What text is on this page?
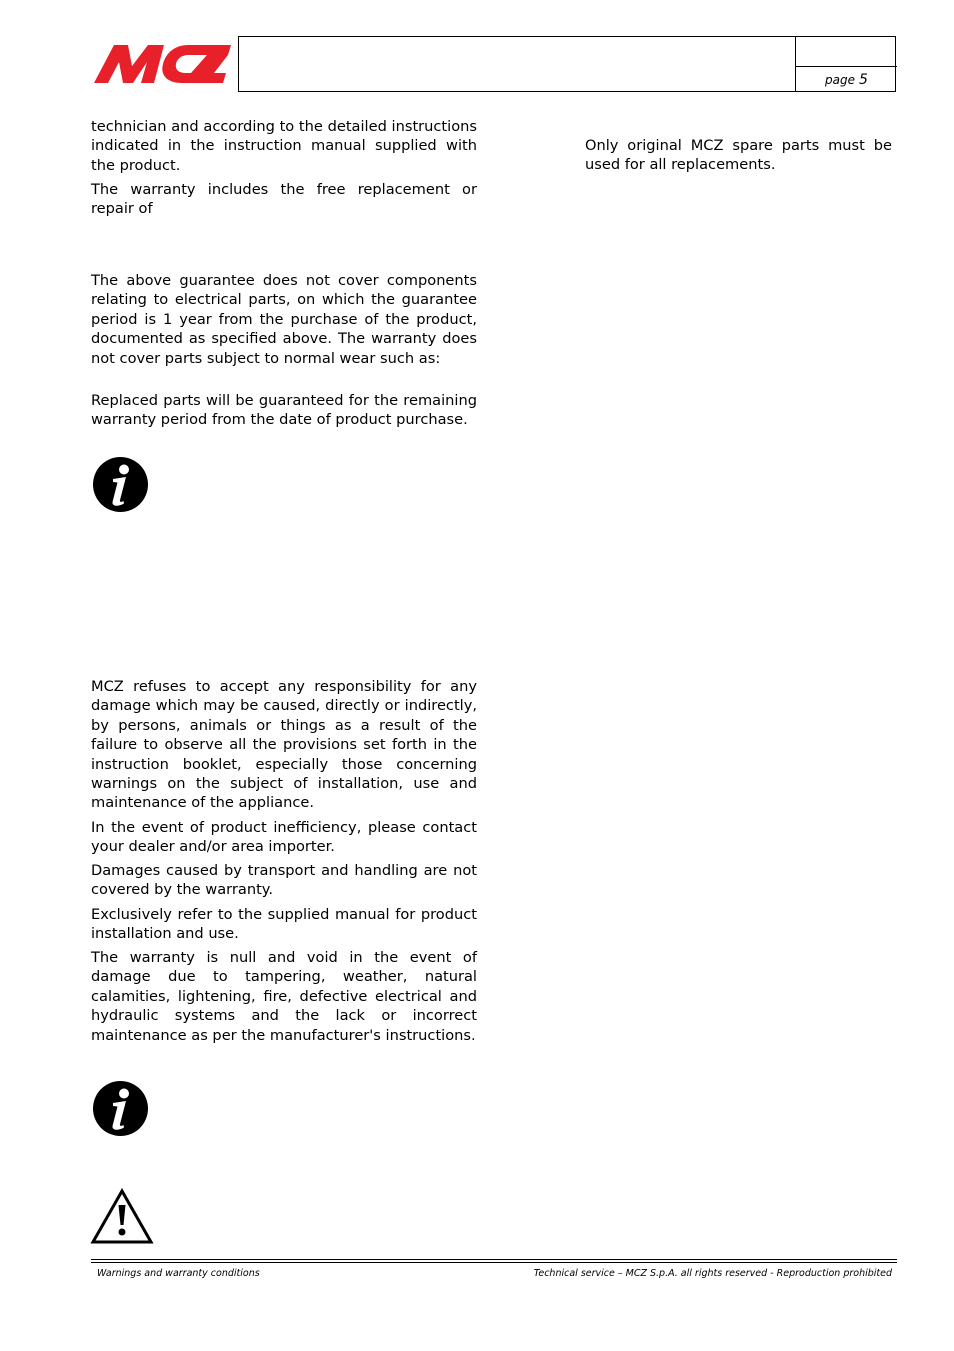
page 5

technician and according to the detailed instructions indicated in the instruction manual supplied with the product.

The warranty includes the free replacement or repair of

The above guarantee does not cover components relating to electrical parts, on which the guarantee period is 1 year from the purchase of the product, documented as specified above. The warranty does not cover parts subject to normal wear such as:

Replaced parts will be guaranteed for the remaining warranty period from the date of product purchase.

MCZ refuses to accept any responsibility for any damage which may be caused, directly or indirectly, by persons, animals or things as a result of the failure to observe all the provisions set forth in the instruction booklet, especially those concerning warnings on the subject of installation, use and maintenance of the appliance.

In the event of product inefficiency, please contact your dealer and/or area importer.

Damages caused by transport and handling are not covered by the warranty.

Exclusively refer to the supplied manual for product installation and use.

The warranty is null and void in the event of damage due to tampering, weather, natural calamities, lightening, fire, defective electrical and hydraulic systems and the lack or incorrect maintenance as per the manufacturer's instructions.

Only original MCZ spare parts must be used for all replacements.

Warnings and warranty conditions	Technical service – MCZ S.p.A. all rights reserved - Reproduction prohibited
